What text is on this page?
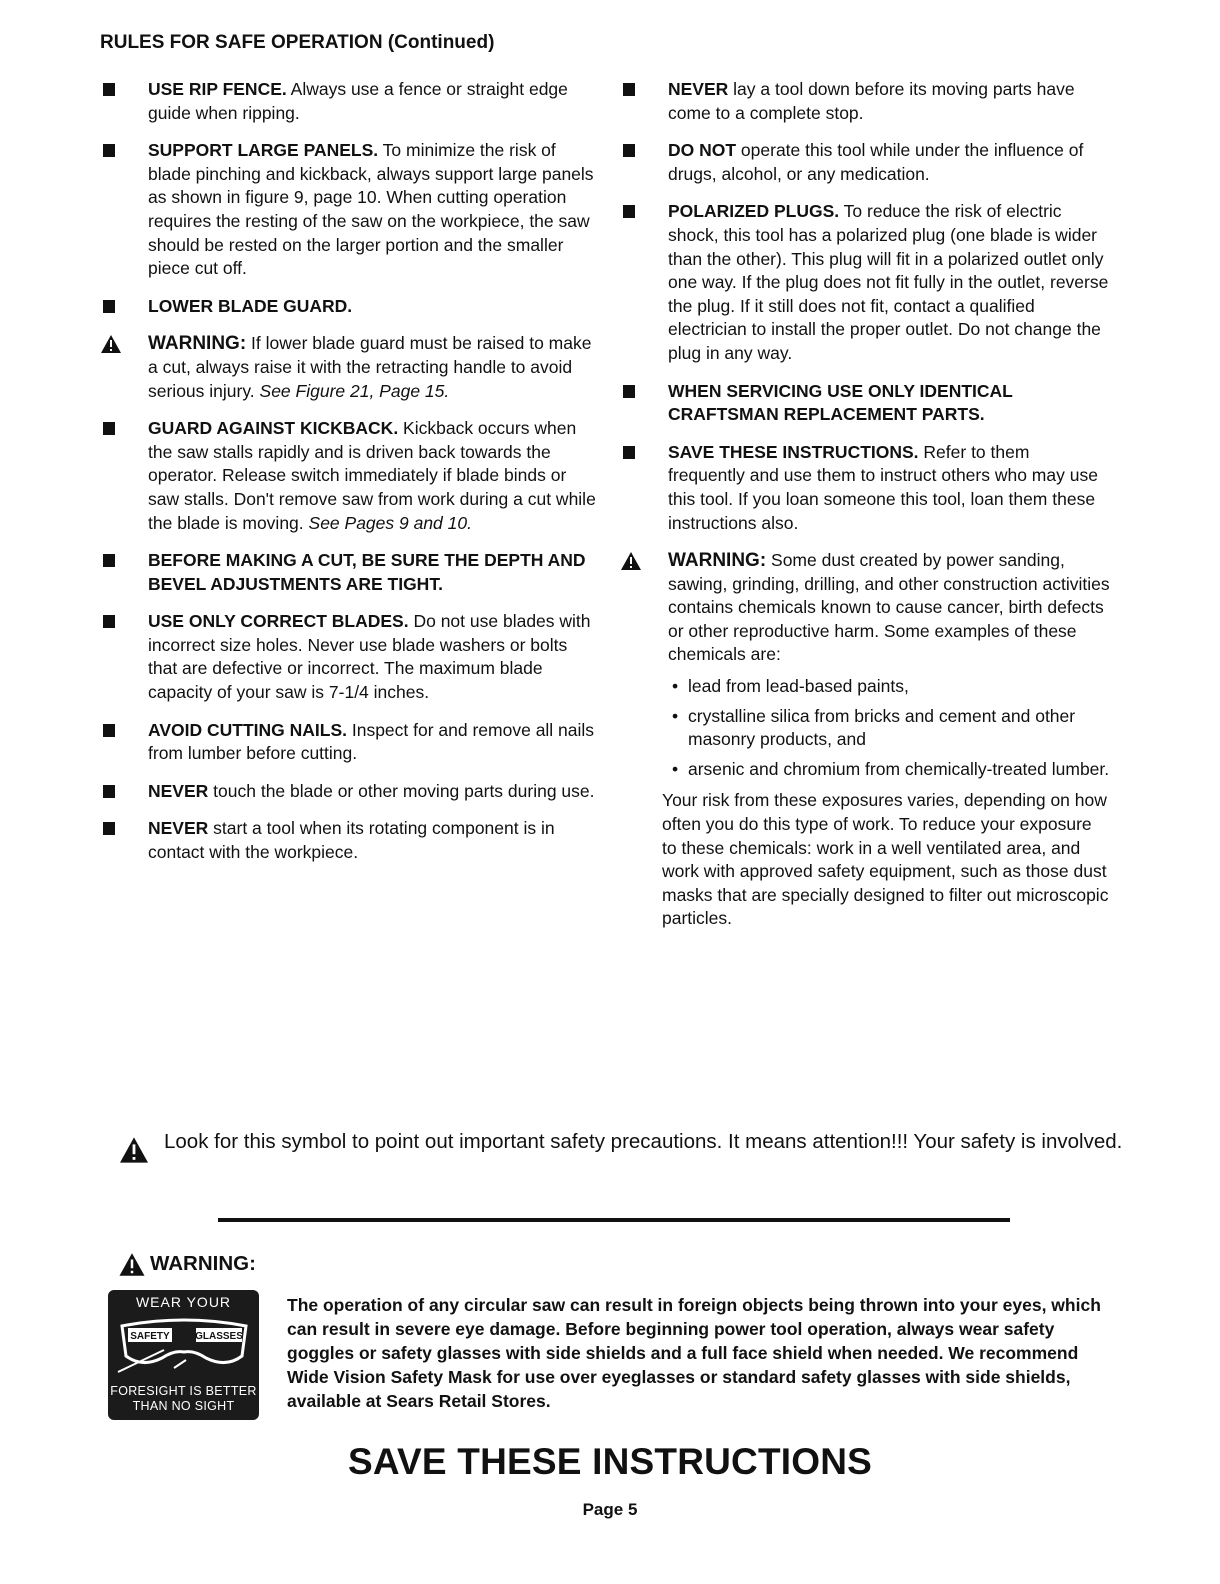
RULES FOR SAFE OPERATION (Continued)
USE RIP FENCE. Always use a fence or straight edge guide when ripping.
SUPPORT LARGE PANELS. To minimize the risk of blade pinching and kickback, always support large panels as shown in figure 9, page 10. When cutting operation requires the resting of the saw on the workpiece, the saw should be rested on the larger portion and the smaller piece cut off.
LOWER BLADE GUARD.
WARNING: If lower blade guard must be raised to make a cut, always raise it with the retracting handle to avoid serious injury. See Figure 21, Page 15.
GUARD AGAINST KICKBACK. Kickback occurs when the saw stalls rapidly and is driven back towards the operator. Release switch immediately if blade binds or saw stalls. Don't remove saw from work during a cut while the blade is moving. See Pages 9 and 10.
BEFORE MAKING A CUT, BE SURE THE DEPTH AND BEVEL ADJUSTMENTS ARE TIGHT.
USE ONLY CORRECT BLADES. Do not use blades with incorrect size holes. Never use blade washers or bolts that are defective or incorrect. The maximum blade capacity of your saw is 7-1/4 inches.
AVOID CUTTING NAILS. Inspect for and remove all nails from lumber before cutting.
NEVER touch the blade or other moving parts during use.
NEVER start a tool when its rotating component is in contact with the workpiece.
NEVER lay a tool down before its moving parts have come to a complete stop.
DO NOT operate this tool while under the influence of drugs, alcohol, or any medication.
POLARIZED PLUGS. To reduce the risk of electric shock, this tool has a polarized plug (one blade is wider than the other). This plug will fit in a polarized outlet only one way. If the plug does not fit fully in the outlet, reverse the plug. If it still does not fit, contact a qualified electrician to install the proper outlet. Do not change the plug in any way.
WHEN SERVICING USE ONLY IDENTICAL CRAFTSMAN REPLACEMENT PARTS.
SAVE THESE INSTRUCTIONS. Refer to them frequently and use them to instruct others who may use this tool. If you loan someone this tool, loan them these instructions also.
WARNING: Some dust created by power sanding, sawing, grinding, drilling, and other construction activities contains chemicals known to cause cancer, birth defects or other reproductive harm. Some examples of these chemicals are:
• lead from lead-based paints,
• crystalline silica from bricks and cement and other masonry products, and
• arsenic and chromium from chemically-treated lumber.
Your risk from these exposures varies, depending on how often you do this type of work. To reduce your exposure to these chemicals: work in a well ventilated area, and work with approved safety equipment, such as those dust masks that are specially designed to filter out microscopic particles.
Look for this symbol to point out important safety precautions. It means attention!!! Your safety is involved.
WARNING:
WEAR YOUR
SAFETY	GLASSES
FORESIGHT IS BETTER
THAN NO SIGHT
The operation of any circular saw can result in foreign objects being thrown into your eyes, which can result in severe eye damage. Before beginning power tool operation, always wear safety goggles or safety glasses with side shields and a full face shield when needed. We recommend Wide Vision Safety Mask for use over eyeglasses or standard safety glasses with side shields, available at Sears Retail Stores.
SAVE THESE INSTRUCTIONS
Page 5
